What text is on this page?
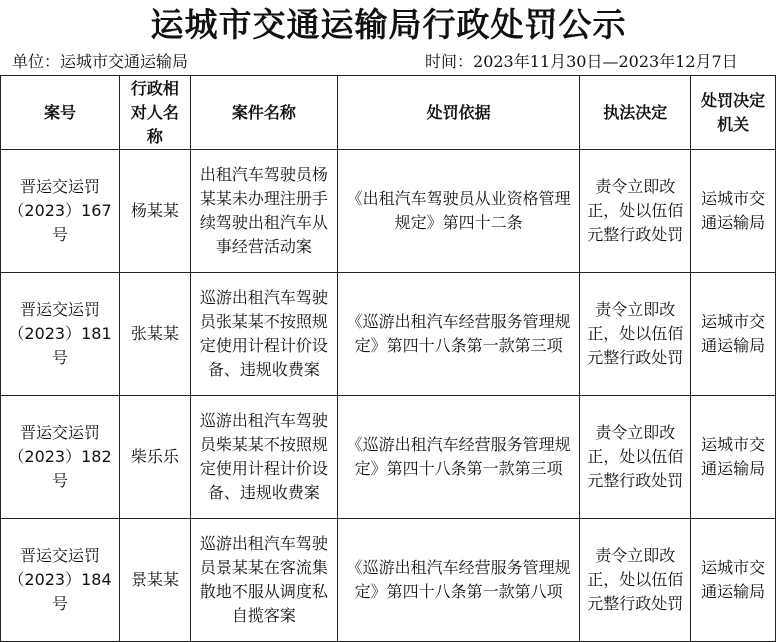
运城市交通运输局行政处罚公示
单位：运城市交通运输局	时间：2023年11月30日—2023年12月7日
案号	行政相对人名称	案件名称	处罚依据	执法决定	处罚决定机关
晋运交运罚（2023）167号	杨某某	出租汽车驾驶员杨某某未办理注册手续驾驶出租汽车从事经营活动案	《出租汽车驾驶员从业资格管理规定》第四十二条	责令立即改正，处以伍佰元整行政处罚	运城市交通运输局
晋运交运罚（2023）181号	张某某	巡游出租汽车驾驶员张某某不按照规定使用计程计价设备、违规收费案	《巡游出租汽车经营服务管理规定》第四十八条第一款第三项	责令立即改正，处以伍佰元整行政处罚	运城市交通运输局
晋运交运罚（2023）182号	柴乐乐	巡游出租汽车驾驶员柴某某不按照规定使用计程计价设备、违规收费案	《巡游出租汽车经营服务管理规定》第四十八条第一款第三项	责令立即改正，处以伍佰元整行政处罚	运城市交通运输局
晋运交运罚（2023）184号	景某某	巡游出租汽车驾驶员景某某在客流集散地不服从调度私自揽客案	《巡游出租汽车经营服务管理规定》第四十八条第一款第八项	责令立即改正，处以伍佰元整行政处罚	运城市交通运输局
